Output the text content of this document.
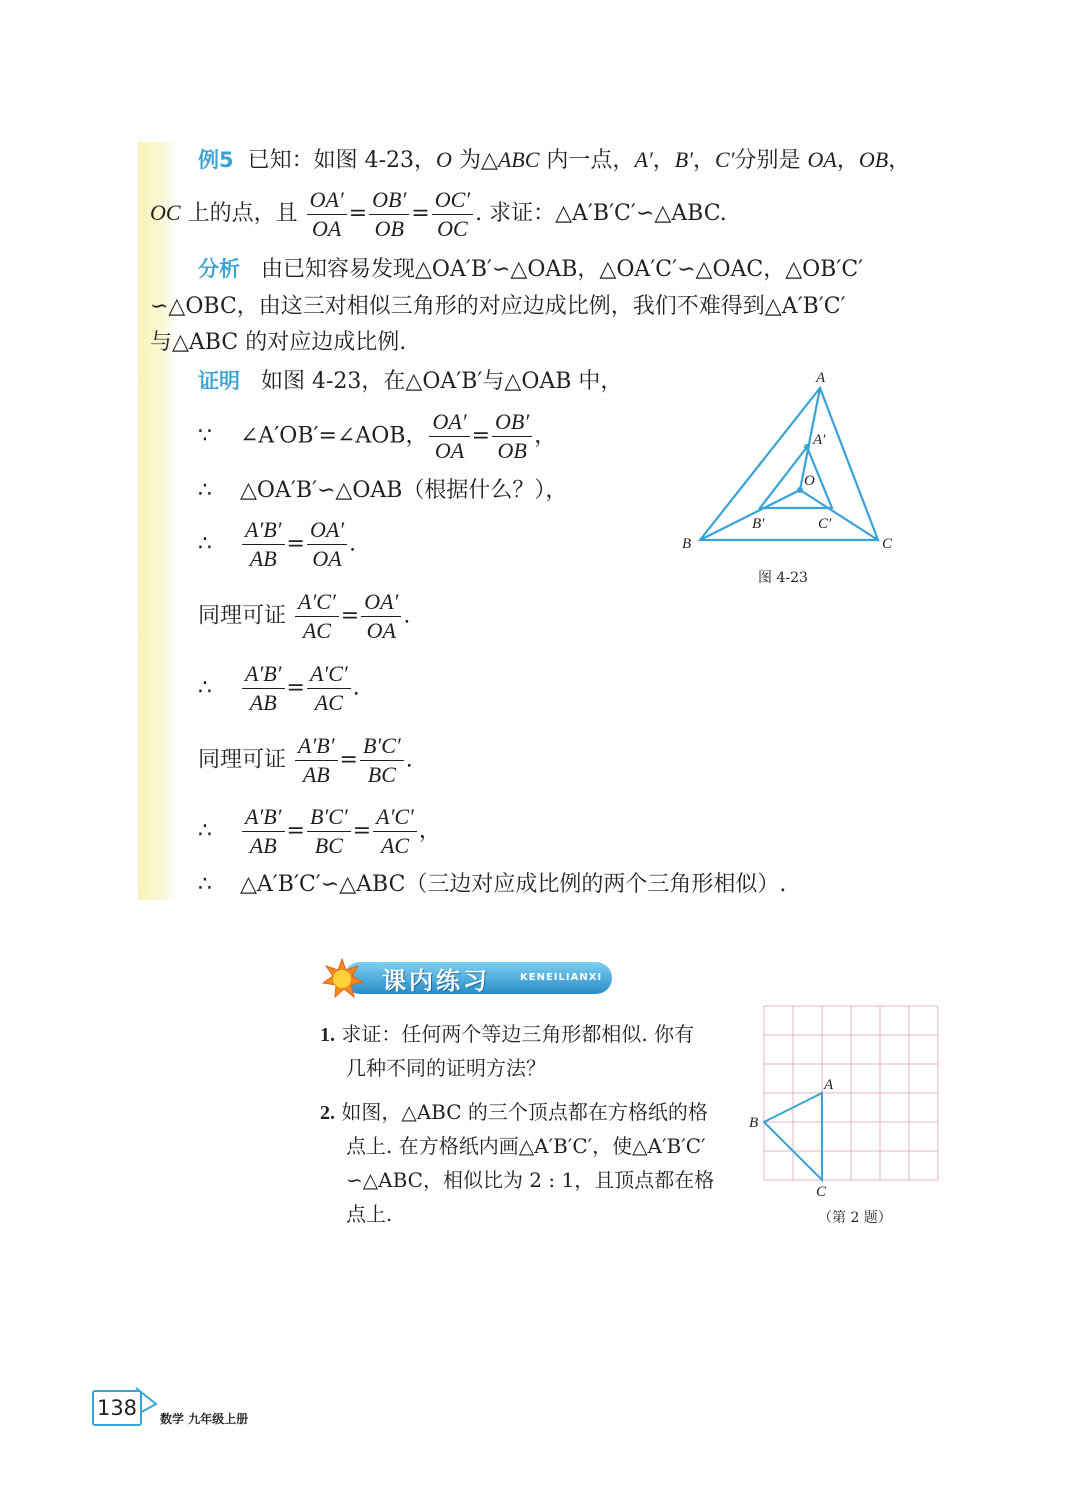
例5 已知：如图 4-23，O 为△ABC 内一点，A′，B′，C′分别是 OA，OB，
OC 上的点，且 $\frac{OA'}{OA} = \frac{OB'}{OB} = \frac{OC'}{OC}$ . 求证：△A′B′C′∽△ABC.
分析 由已知容易发现△OA′B′∽△OAB，△OA′C′∽△OAC，△OB′C′
∽△OBC，由这三对相似三角形的对应边成比例，我们不难得到△A′B′C′
与△ABC 的对应边成比例.
证明 如图 4-23，在△OA′B′与△OAB 中，
∵ ∠A′OB′=∠AOB， $\frac{OA'}{OA} = \frac{OB'}{OB}$ ，
∴ △OA′B′∽△OAB（根据什么？），
∴ $\frac{A'B'}{AB} = \frac{OA'}{OA}$ .
同理可证 $\frac{A'C'}{AC} = \frac{OA'}{OA}$ .
∴ $\frac{A'B'}{AB} = \frac{A'C'}{AC}$ .
同理可证 $\frac{A'B'}{AB} = \frac{B'C'}{BC}$ .
∴ $\frac{A'B'}{AB} = \frac{B'C'}{BC} = \frac{A'C'}{AC}$ ，
∴ △A′B′C′∽△ABC（三边对应成比例的两个三角形相似）.
A
A′
O
B
B′
C
C′
图 4-23
课内练习	KENEILIANXI
1. 求证：任何两个等边三角形都相似. 你有
几种不同的证明方法？
2. 如图，△ABC 的三个顶点都在方格纸的格
点上. 在方格纸内画△A′B′C′，使△A′B′C′
∽△ABC，相似比为 2 : 1，且顶点都在格
点上.
A
B
C
（第 2 题）
138	数学 九年级上册
